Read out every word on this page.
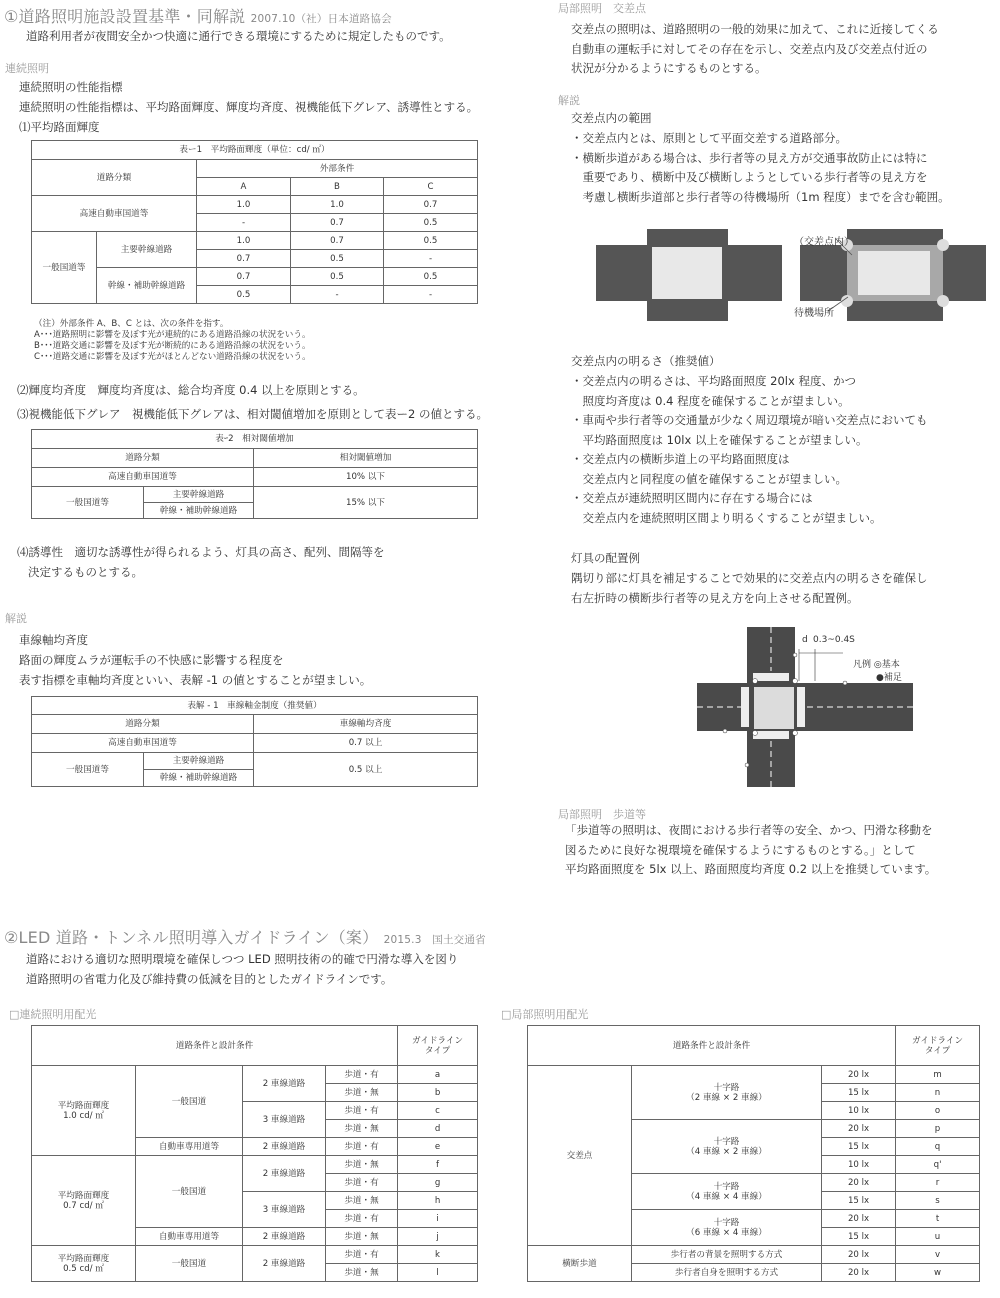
①道路照明施設設置基準・同解説 2007.10（社）日本道路協会
道路利用者が夜間安全かつ快適に通行できる環境にするために規定したものです。
連続照明
連続照明の性能指標
連続照明の性能指標は、平均路面輝度、輝度均斉度、視機能低下グレア、誘導性とする。
⑴平均路面輝度
表ー1　平均路面輝度（単位：cd/ ㎡）				
道路分類		外部条件		
		A	B	C
高速自動車国道等		1.0	1.0	0.7
		-	0.7	0.5
一般国道等	主要幹線道路	1.0	0.7	0.5
		0.7	0.5	-
	幹線・補助幹線道路	0.7	0.5	0.5
		0.5	-	-
（注）外部条件 A、B、C とは、次の条件を指す。
A･･･道路照明に影響を及ぼす光が連続的にある道路沿線の状況をいう。
B･･･道路交通に影響を及ぼす光が断続的にある道路沿線の状況をいう。
C･･･道路交通に影響を及ぼす光がほとんどない道路沿線の状況をいう。
⑵輝度均斉度　輝度均斉度は、総合均斉度 0.4 以上を原則とする。
⑶視機能低下グレア　視機能低下グレアは、相対閾値増加を原則として表ー2 の値とする。
表ｰ2　相対閾値増加		
道路分類		相対閾値増加
高速自動車国道等		10% 以下
一般国道等	主要幹線道路	15% 以下
	幹線・補助幹線道路	
⑷誘導性　適切な誘導性が得られるよう、灯具の高さ、配列、間隔等を
決定するものとする。
解説
車線軸均斉度
路面の輝度ムラが運転手の不快感に影響する程度を
表す指標を車軸均斉度といい、表解 -1 の値とすることが望ましい。
表解 - 1　車線軸金制度（推奨値）		
道路分類		車線軸均斉度
高速自動車国道等		0.7 以上
一般国道等	主要幹線道路	0.5 以上
	幹線・補助幹線道路	
局部照明　交差点
交差点の照明は、道路照明の一般的効果に加えて、これに近接してくる
自動車の運転手に対してその存在を示し、交差点内及び交差点付近の
状況が分かるようにするものとする。
解説
交差点内の範囲
・交差点内とは、原則として平面交差する道路部分。
・横断歩道がある場合は、歩行者等の見え方が交通事故防止には特に
　重要であり、横断中及び横断しようとしている歩行者等の見え方を
　考慮し横断歩道部と歩行者等の待機場所（1m 程度）までを含む範囲。
（交差点内）
待機場所
交差点内の明るさ（推奨値）
・交差点内の明るさは、平均路面照度 20lx 程度、かつ
　照度均斉度は 0.4 程度を確保することが望ましい。
・車両や歩行者等の交通量が少なく周辺環境が暗い交差点においても
　平均路面照度は 10lx 以上を確保することが望ましい。
・交差点内の横断歩道上の平均路面照度は
　交差点内と同程度の値を確保することが望ましい。
・交差点が連続照明区間内に存在する場合には
　交差点内を連続照明区間より明るくすることが望ましい。
灯具の配置例
隅切り部に灯具を補足することで効果的に交差点内の明るさを確保し
右左折時の横断歩行者等の見え方を向上させる配置例。
d 0.3~0.4S
凡例 ◎基本
●補足
局部照明　歩道等
「歩道等の照明は、夜間における歩行者等の安全、かつ、円滑な移動を
図るために良好な視環境を確保するようにするものとする。」として
平均路面照度を 5lx 以上、路面照度均斉度 0.2 以上を推奨しています。
②LED 道路・トンネル照明導入ガイドライン（案） 2015.3　国土交通省
道路における適切な照明環境を確保しつつ LED 照明技術の的確で円滑な導入を図り
道路照明の省電力化及び維持費の低減を目的としたガイドラインです。
□連続照明用配光	□局部照明用配光
道路条件と設計条件				ガイドライン
タイプ
平均路面輝度
1.0 cd/ ㎡	一般国道	2 車線道路	歩道・有	a
			歩道・無	b
		3 車線道路	歩道・有	c
			歩道・無	d
	自動車専用道等	2 車線道路	歩道・有	e
平均路面輝度
0.7 cd/ ㎡	一般国道	2 車線道路	歩道・無	f
			歩道・有	g
		3 車線道路	歩道・無	h
			歩道・有	i
	自動車専用道等	2 車線道路	歩道・無	j
平均路面輝度
0.5 cd/ ㎡	一般国道	2 車線道路	歩道・有	k
			歩道・無	l
道路条件と設計条件			ガイドライン
タイプ
交差点	十字路
（2 車線 × 2 車線）	20 lx	m
		15 lx	n
		10 lx	o
	十字路
（4 車線 × 2 車線）	20 lx	p
		15 lx	q
		10 lx	q'
	十字路
（4 車線 × 4 車線）	20 lx	r
		15 lx	s
	十字路
（6 車線 × 4 車線）	20 lx	t
		15 lx	u
横断歩道	歩行者の背景を照明する方式	20 lx	v
	歩行者自身を照明する方式	20 lx	w
